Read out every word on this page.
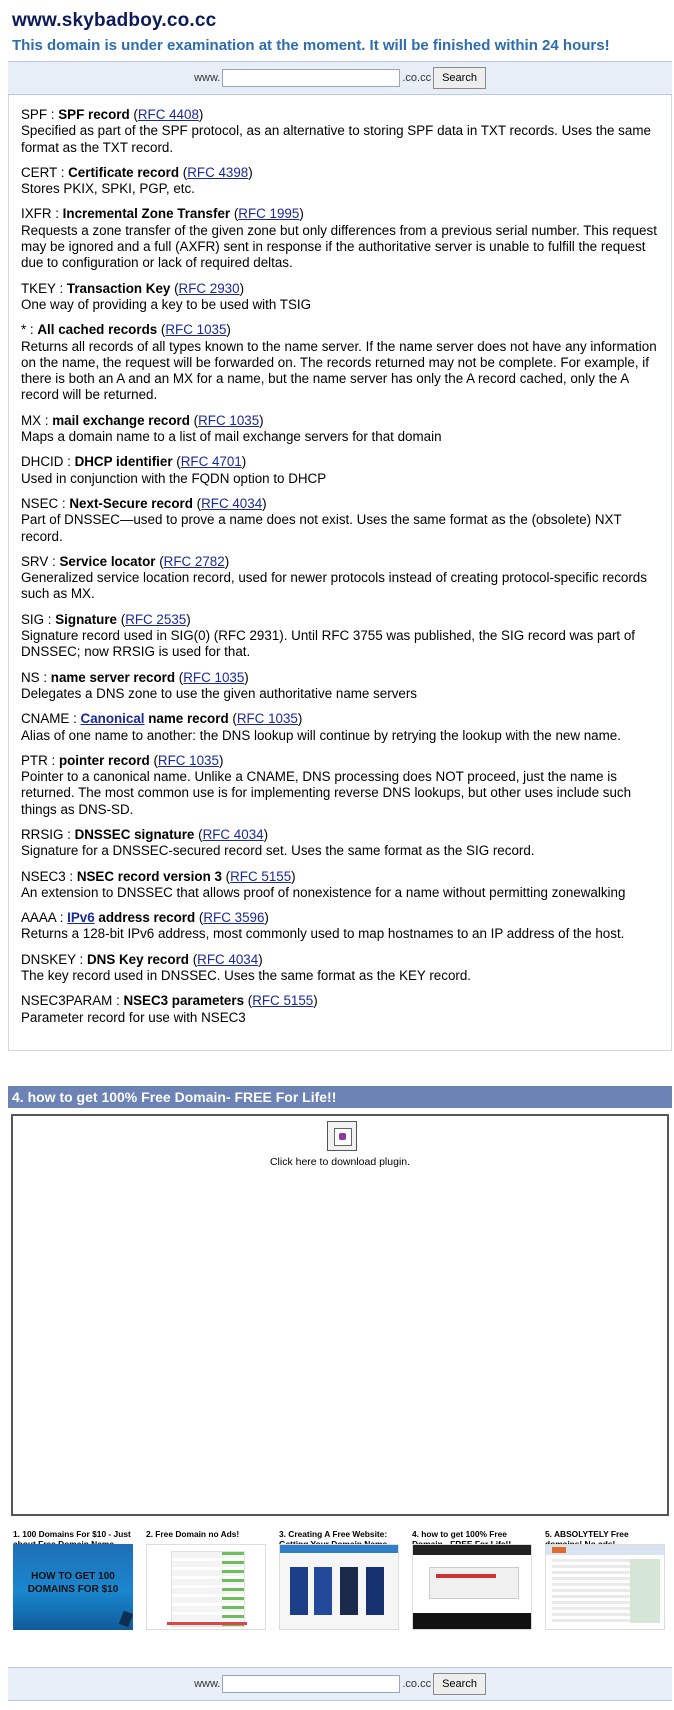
www.skybadboy.co.cc

This domain is under examination at the moment. It will be finished within 24 hours!

www.	.co.cc	Search
SPF : SPF record (RFC 4408)
Specified as part of the SPF protocol, as an alternative to storing SPF data in TXT records. Uses the same format as the TXT record.
CERT : Certificate record (RFC 4398)
Stores PKIX, SPKI, PGP, etc.
IXFR : Incremental Zone Transfer (RFC 1995)
Requests a zone transfer of the given zone but only differences from a previous serial number. This request may be ignored and a full (AXFR) sent in response if the authoritative server is unable to fulfill the request due to configuration or lack of required deltas.
TKEY : Transaction Key (RFC 2930)
One way of providing a key to be used with TSIG
* : All cached records (RFC 1035)
Returns all records of all types known to the name server. If the name server does not have any information on the name, the request will be forwarded on. The records returned may not be complete. For example, if there is both an A and an MX for a name, but the name server has only the A record cached, only the A record will be returned.
MX : mail exchange record (RFC 1035)
Maps a domain name to a list of mail exchange servers for that domain
DHCID : DHCP identifier (RFC 4701)
Used in conjunction with the FQDN option to DHCP
NSEC : Next-Secure record (RFC 4034)
Part of DNSSEC—used to prove a name does not exist. Uses the same format as the (obsolete) NXT record.
SRV : Service locator (RFC 2782)
Generalized service location record, used for newer protocols instead of creating protocol-specific records such as MX.
SIG : Signature (RFC 2535)
Signature record used in SIG(0) (RFC 2931). Until RFC 3755 was published, the SIG record was part of DNSSEC; now RRSIG is used for that.
NS : name server record (RFC 1035)
Delegates a DNS zone to use the given authoritative name servers
CNAME : Canonical name record (RFC 1035)
Alias of one name to another: the DNS lookup will continue by retrying the lookup with the new name.
PTR : pointer record (RFC 1035)
Pointer to a canonical name. Unlike a CNAME, DNS processing does NOT proceed, just the name is returned. The most common use is for implementing reverse DNS lookups, but other uses include such things as DNS-SD.
RRSIG : DNSSEC signature (RFC 4034)
Signature for a DNSSEC-secured record set. Uses the same format as the SIG record.
NSEC3 : NSEC record version 3 (RFC 5155)
An extension to DNSSEC that allows proof of nonexistence for a name without permitting zonewalking
AAAA : IPv6 address record (RFC 3596)
Returns a 128-bit IPv6 address, most commonly used to map hostnames to an IP address of the host.
DNSKEY : DNS Key record (RFC 4034)
The key record used in DNSSEC. Uses the same format as the KEY record.
NSEC3PARAM : NSEC3 parameters (RFC 5155)
Parameter record for use with NSEC3
4. how to get 100% Free Domain- FREE For Life!!
Click here to download plugin.
1. 100 Domains For $10 - Just
HOW TO GET 100 DOMAINS FOR $10
2. Free Domain no Ads!	3. Creating A Free Website:	4. how to get 100% Free	5. ABSOLYTELY Free
www.	.co.cc	Search
